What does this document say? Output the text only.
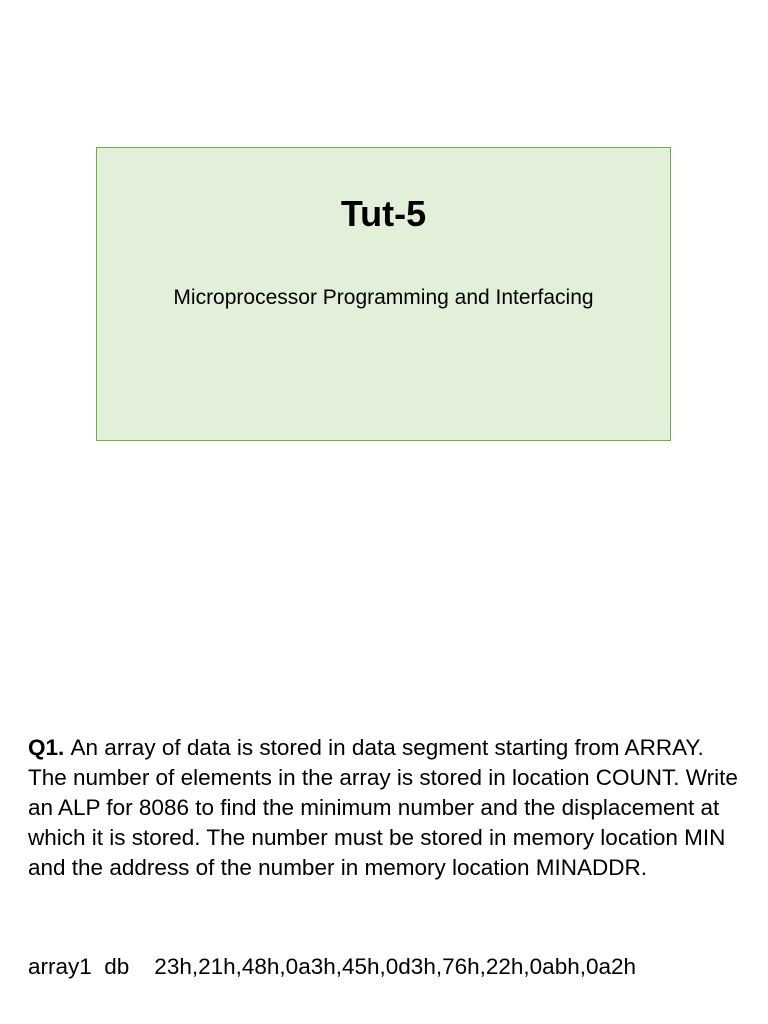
Tut-5
Microprocessor Programming and Interfacing
Q1. An array of data is stored in data segment starting from ARRAY. The number of elements in the array is stored in location COUNT. Write an ALP for 8086 to find the minimum number and the displacement at which it is stored. The number must be stored in memory location MIN and the address of the number in memory location MINADDR.
array1  db    23h,21h,48h,0a3h,45h,0d3h,76h,22h,0abh,0a2h
